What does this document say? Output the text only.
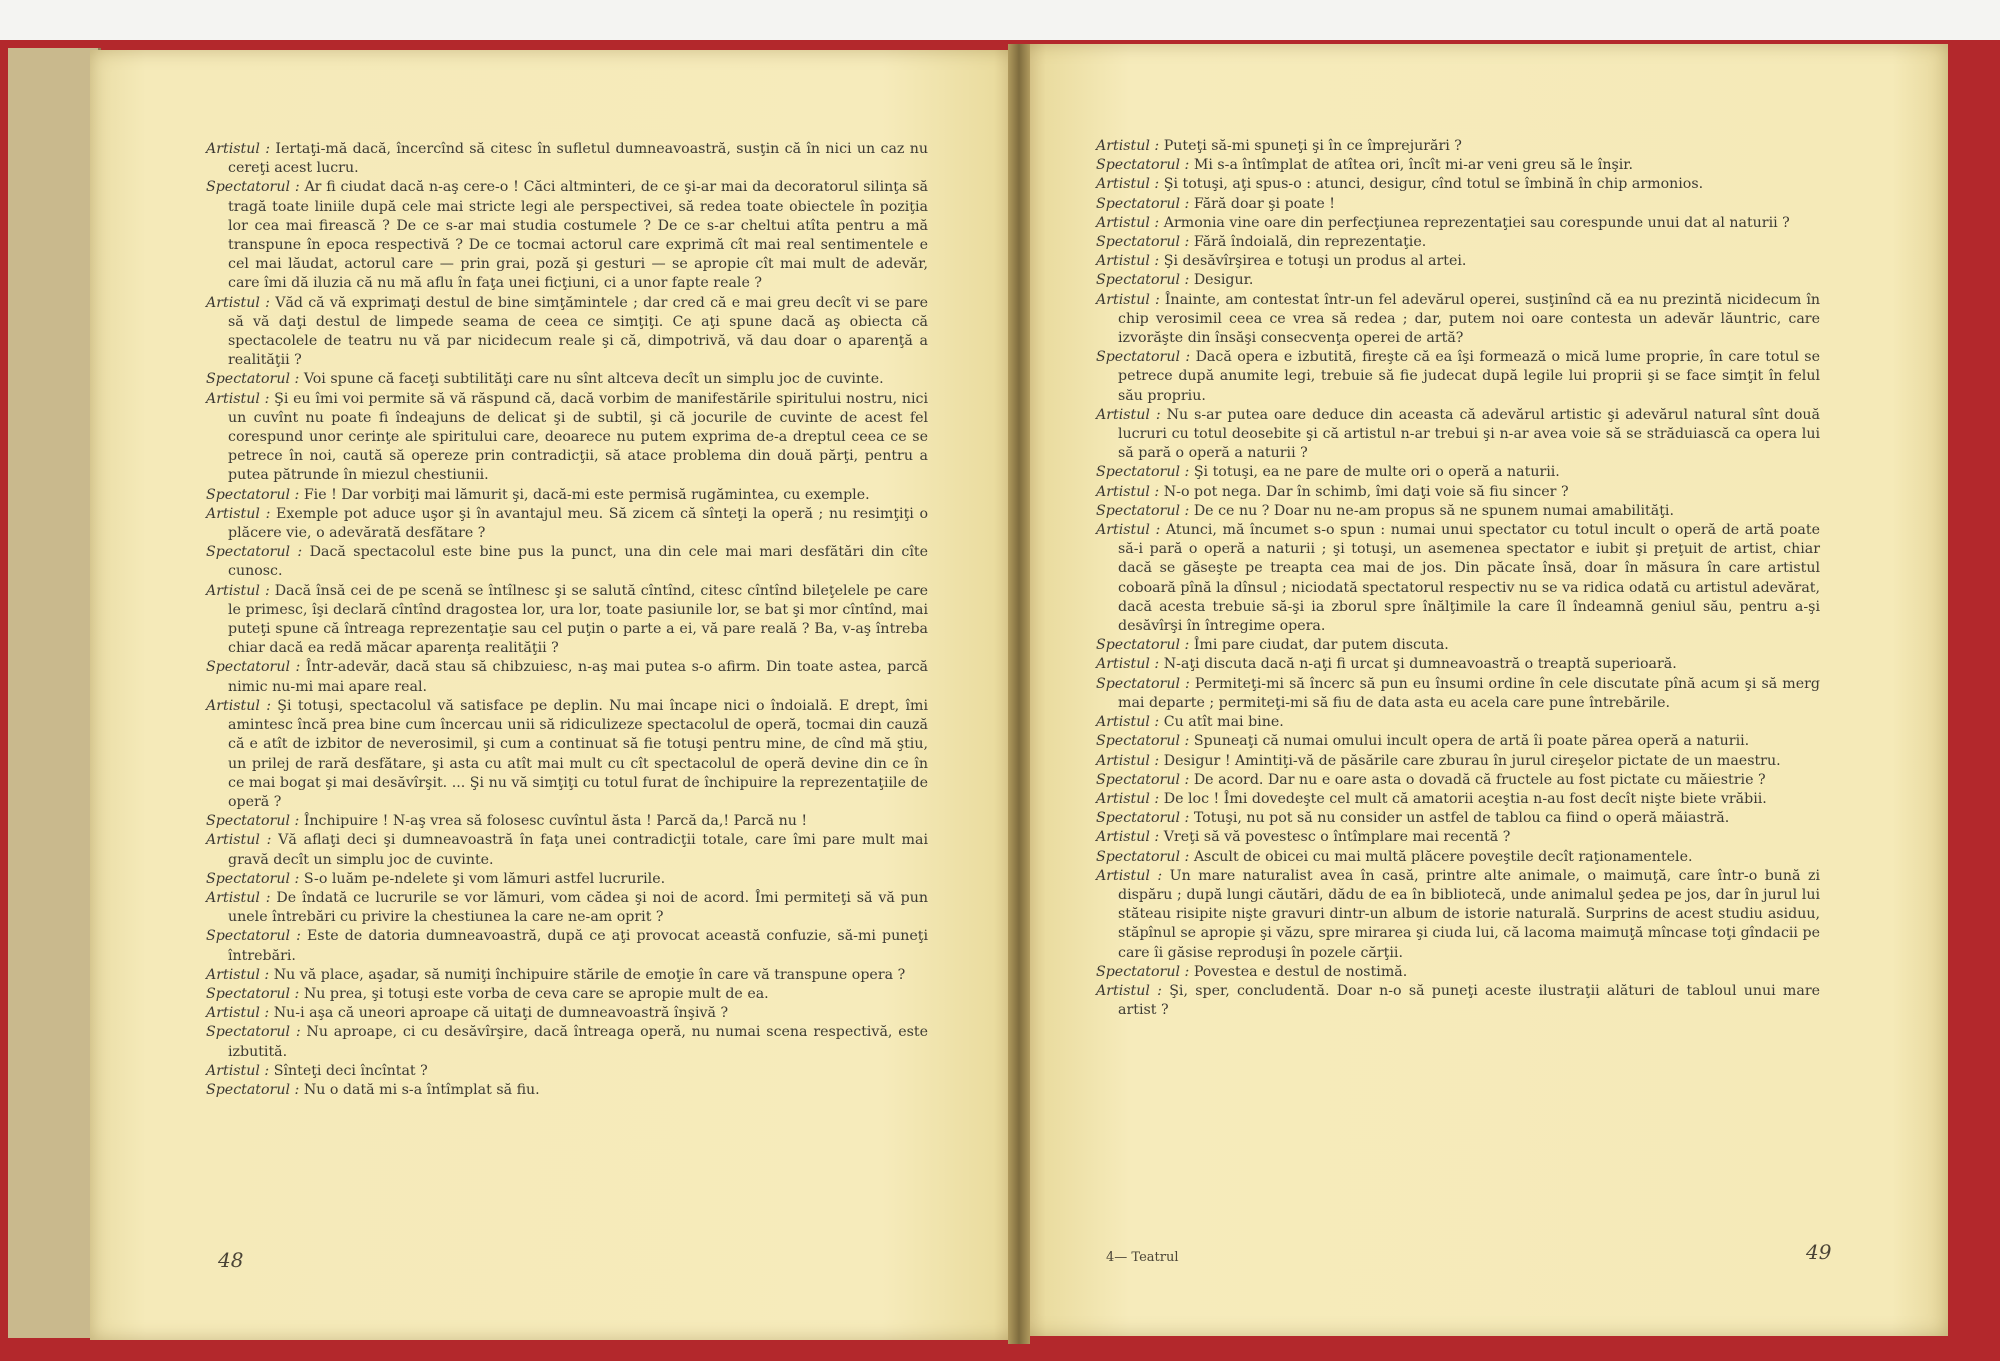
Artistul : Iertaţi-mă dacă, încercînd să citesc în sufletul dumneavoastră, susţin că în nici un caz nu cereţi acest lucru.
Spectatorul : Ar fi ciudat dacă n-aş cere-o ! Căci altminteri, de ce şi-ar mai da decoratorul silinţa să tragă toate liniile după cele mai stricte legi ale perspectivei, să redea toate obiectele în poziţia lor cea mai firească ? De ce s-ar mai studia costumele ? De ce s-ar cheltui atîta pentru a mă transpune în epoca respectivă ? De ce tocmai actorul care exprimă cît mai real sentimentele e cel mai lăudat, actorul care — prin grai, poză şi gesturi — se apropie cît mai mult de adevăr, care îmi dă iluzia că nu mă aflu în faţa unei ficţiuni, ci a unor fapte reale ?
Artistul : Văd că vă exprimaţi destul de bine simţămintele ; dar cred că e mai greu decît vi se pare să vă daţi destul de limpede seama de ceea ce simţiţi. Ce aţi spune dacă aş obiecta că spectacolele de teatru nu vă par nicidecum reale şi că, dimpotrivă, vă dau doar o aparenţă a realităţii ?
Spectatorul : Voi spune că faceţi subtilităţi care nu sînt altceva decît un simplu joc de cuvinte.
Artistul : Şi eu îmi voi permite să vă răspund că, dacă vorbim de manifestările spiritului nostru, nici un cuvînt nu poate fi îndeajuns de delicat şi de subtil, şi că jocurile de cuvinte de acest fel corespund unor cerinţe ale spiritului care, deoarece nu putem exprima de-a dreptul ceea ce se petrece în noi, caută să opereze prin contradicţii, să atace problema din două părţi, pentru a putea pătrunde în miezul chestiunii.
Spectatorul : Fie ! Dar vorbiţi mai lămurit şi, dacă-mi este permisă rugămintea, cu exemple.
Artistul : Exemple pot aduce uşor şi în avantajul meu. Să zicem că sînteţi la operă ; nu resimţiţi o plăcere vie, o adevărată desfătare ?
Spectatorul : Dacă spectacolul este bine pus la punct, una din cele mai mari desfătări din cîte cunosc.
Artistul : Dacă însă cei de pe scenă se întîlnesc şi se salută cîntînd, citesc cîntînd bileţelele pe care le primesc, îşi declară cîntînd dragostea lor, ura lor, toate pasiunile lor, se bat şi mor cîntînd, mai puteţi spune că întreaga reprezentaţie sau cel puţin o parte a ei, vă pare reală ? Ba, v-aş întreba chiar dacă ea redă măcar aparenţa realităţii ?
Spectatorul : Într-adevăr, dacă stau să chibzuiesc, n-aş mai putea s-o afirm. Din toate astea, parcă nimic nu-mi mai apare real.
Artistul : Şi totuşi, spectacolul vă satisface pe deplin. Nu mai încape nici o îndoială. E drept, îmi amintesc încă prea bine cum încercau unii să ridiculizeze spectacolul de operă, tocmai din cauză că e atît de izbitor de neverosimil, şi cum a continuat să fie totuşi pentru mine, de cînd mă ştiu, un prilej de rară desfătare, şi asta cu atît mai mult cu cît spectacolul de operă devine din ce în ce mai bogat şi mai desăvîrşit. ... Şi nu vă simţiţi cu totul furat de închipuire la reprezentaţiile de operă ?
Spectatorul : Închipuire ! N-aş vrea să folosesc cuvîntul ăsta ! Parcă da,! Parcă nu !
Artistul : Vă aflaţi deci şi dumneavoastră în faţa unei contradicţii totale, care îmi pare mult mai gravă decît un simplu joc de cuvinte.
Spectatorul : S-o luăm pe-ndelete şi vom lămuri astfel lucrurile.
Artistul : De îndată ce lucrurile se vor lămuri, vom cădea şi noi de acord. Îmi permiteţi să vă pun unele întrebări cu privire la chestiunea la care ne-am oprit ?
Spectatorul : Este de datoria dumneavoastră, după ce aţi provocat această confuzie, să-mi puneţi întrebări.
Artistul : Nu vă place, aşadar, să numiţi închipuire stările de emoţie în care vă transpune opera ?
Spectatorul : Nu prea, şi totuşi este vorba de ceva care se apropie mult de ea.
Artistul : Nu-i aşa că uneori aproape că uitaţi de dumneavoastră înşivă ?
Spectatorul : Nu aproape, ci cu desăvîrşire, dacă întreaga operă, nu numai scena respectivă, este izbutită.
Artistul : Sînteţi deci încîntat ?
Spectatorul : Nu o dată mi s-a întîmplat să fiu.
Artistul : Puteţi să-mi spuneţi şi în ce împrejurări ?
Spectatorul : Mi s-a întîmplat de atîtea ori, încît mi-ar veni greu să le înşir.
Artistul : Şi totuşi, aţi spus-o : atunci, desigur, cînd totul se îmbină în chip armonios.
Spectatorul : Fără doar şi poate !
Artistul : Armonia vine oare din perfecţiunea reprezentaţiei sau corespunde unui dat al naturii ?
Spectatorul : Fără îndoială, din reprezentaţie.
Artistul : Şi desăvîrşirea e totuşi un produs al artei.
Spectatorul : Desigur.
Artistul : Înainte, am contestat într-un fel adevărul operei, susţinînd că ea nu prezintă nicidecum în chip verosimil ceea ce vrea să redea ; dar, putem noi oare contesta un adevăr lăuntric, care izvorăşte din însăşi consecvenţa operei de artă?
Spectatorul : Dacă opera e izbutită, fireşte că ea îşi formează o mică lume proprie, în care totul se petrece după anumite legi, trebuie să fie judecat după legile lui proprii şi se face simţit în felul său propriu.
Artistul : Nu s-ar putea oare deduce din aceasta că adevărul artistic şi adevărul natural sînt două lucruri cu totul deosebite şi că artistul n-ar trebui şi n-ar avea voie să se străduiască ca opera lui să pară o operă a naturii ?
Spectatorul : Şi totuşi, ea ne pare de multe ori o operă a naturii.
Artistul : N-o pot nega. Dar în schimb, îmi daţi voie să fiu sincer ?
Spectatorul : De ce nu ? Doar nu ne-am propus să ne spunem numai amabilităţi.
Artistul : Atunci, mă încumet s-o spun : numai unui spectator cu totul incult o operă de artă poate să-i pară o operă a naturii ; şi totuşi, un asemenea spectator e iubit şi preţuit de artist, chiar dacă se găseşte pe treapta cea mai de jos. Din păcate însă, doar în măsura în care artistul coboară pînă la dînsul ; niciodată spectatorul respectiv nu se va ridica odată cu artistul adevărat, dacă acesta trebuie să-şi ia zborul spre înălţimile la care îl îndeamnă geniul său, pentru a-şi desăvîrşi în întregime opera.
Spectatorul : Îmi pare ciudat, dar putem discuta.
Artistul : N-aţi discuta dacă n-aţi fi urcat şi dumneavoastră o treaptă superioară.
Spectatorul : Permiteţi-mi să încerc să pun eu însumi ordine în cele discutate pînă acum şi să merg mai departe ; permiteţi-mi să fiu de data asta eu acela care pune întrebările.
Artistul : Cu atît mai bine.
Spectatorul : Spuneaţi că numai omului incult opera de artă îi poate părea operă a naturii.
Artistul : Desigur ! Amintiţi-vă de păsările care zburau în jurul cireşelor pictate de un maestru.
Spectatorul : De acord. Dar nu e oare asta o dovadă că fructele au fost pictate cu măiestrie ?
Artistul : De loc ! Îmi dovedeşte cel mult că amatorii aceştia n-au fost decît nişte biete vrăbii.
Spectatorul : Totuşi, nu pot să nu consider un astfel de tablou ca fiind o operă măiastră.
Artistul : Vreţi să vă povestesc o întîmplare mai recentă ?
Spectatorul : Ascult de obicei cu mai multă plăcere poveştile decît raţionamentele.
Artistul : Un mare naturalist avea în casă, printre alte animale, o maimuţă, care într-o bună zi dispăru ; după lungi căutări, dădu de ea în bibliotecă, unde animalul şedea pe jos, dar în jurul lui stăteau risipite nişte gravuri dintr-un album de istorie naturală. Surprins de acest studiu asiduu, stăpînul se apropie şi văzu, spre mirarea şi ciuda lui, că lacoma maimuţă mîncase toţi gîndacii pe care îi găsise reproduşi în pozele cărţii.
Spectatorul : Povestea e destul de nostimă.
Artistul : Şi, sper, concludentă. Doar n-o să puneţi aceste ilustraţii alături de tabloul unui mare artist ?
48	4— Teatrul	49
